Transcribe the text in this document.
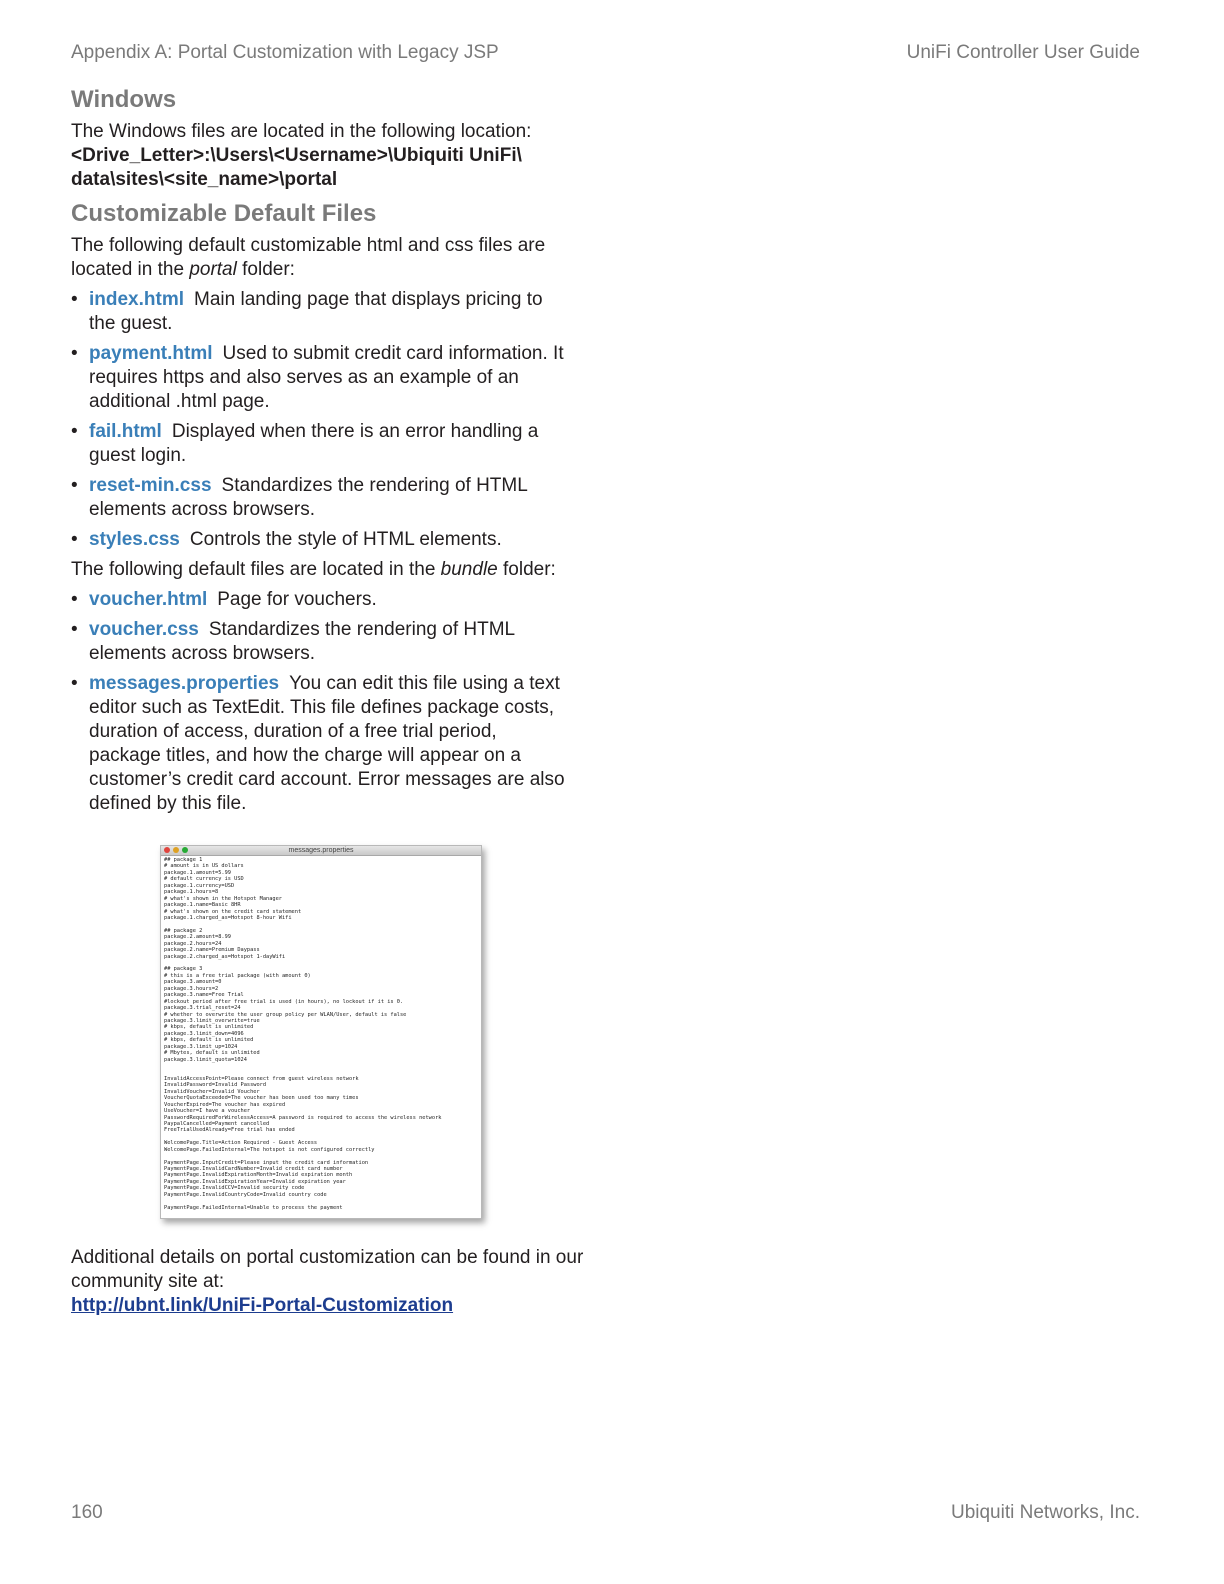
Appendix A: Portal Customization with Legacy JSP	UniFi Controller User Guide
Windows

The Windows files are located in the following location:

<Drive_Letter>:\Users\<Username>\Ubiquiti UniFi\

data\sites\<site_name>\portal

Customizable Default Files

The following default customizable html and css files are located in the portal folder:

• index.html Main landing page that displays pricing to the guest.
• payment.html Used to submit credit card information. It requires https and also serves as an example of an additional .html page.
• fail.html Displayed when there is an error handling a guest login.
• reset-min.css Standardizes the rendering of HTML elements across browsers.
• styles.css Controls the style of HTML elements.

The following default files are located in the bundle folder:

• voucher.html Page for vouchers.
• voucher.css Standardizes the rendering of HTML elements across browsers.
• messages.properties You can edit this file using a text editor such as TextEdit. This file defines package costs, duration of access, duration of a free trial period, package titles, and how the charge will appear on a customer’s credit card account. Error messages are also defined by this file.
messages.properties
## package 1
# amount is in US dollars
package.1.amount=5.99
# default currency is USD
package.1.currency=USD
package.1.hours=8
# what's shown in the Hotspot Manager
package.1.name=Basic 8HR
# what's shown on the credit card statement
package.1.charged_as=Hotspot 8-hour Wifi
## package 2
package.2.amount=8.99
package.2.hours=24
package.2.name=Premium Daypass
package.2.charged_as=Hotspot 1-dayWifi
## package 3
# this is a free trial package (with amount 0)
package.3.amount=0
package.3.hours=2
package.3.name=Free Trial
#lockout period after free trial is used (in hours), no lockout if it is 0.
package.3.trial_reset=24
# whether to overwrite the user group policy per WLAN/User, default is false
package.3.limit_overwrite=true
# kbps, default is unlimited
package.3.limit_down=4096
# kbps, default is unlimited
package.3.limit_up=1024
# Mbytes, default is unlimited
package.3.limit_quota=1024
InvalidAccessPoint=Please connect from guest wireless network
InvalidPassword=Invalid Password
InvalidVoucher=Invalid Voucher
VoucherQuotaExceeded=The voucher has been used too many times
VoucherExpired=The voucher has expired
UseVoucher=I have a voucher
PasswordRequiredForWirelessAccess=A password is required to access the wireless network
PaypalCancelled=Payment cancelled
FreeTrialUsedAlready=Free trial has ended
WelcomePage.Title=Action Required - Guest Access
WelcomePage.FailedInternal=The hotspot is not configured correctly
PaymentPage.InputCredit=Please input the credit card information
PaymentPage.InvalidCardNumber=Invalid credit card number
PaymentPage.InvalidExpirationMonth=Invalid expiration month
PaymentPage.InvalidExpirationYear=Invalid expiration year
PaymentPage.InvalidCCV=Invalid security code
PaymentPage.InvalidCountryCode=Invalid country code
PaymentPage.FailedInternal=Unable to process the payment

Additional details on portal customization can be found in our community site at:

http://ubnt.link/UniFi-Portal-Customization

160	Ubiquiti Networks, Inc.
